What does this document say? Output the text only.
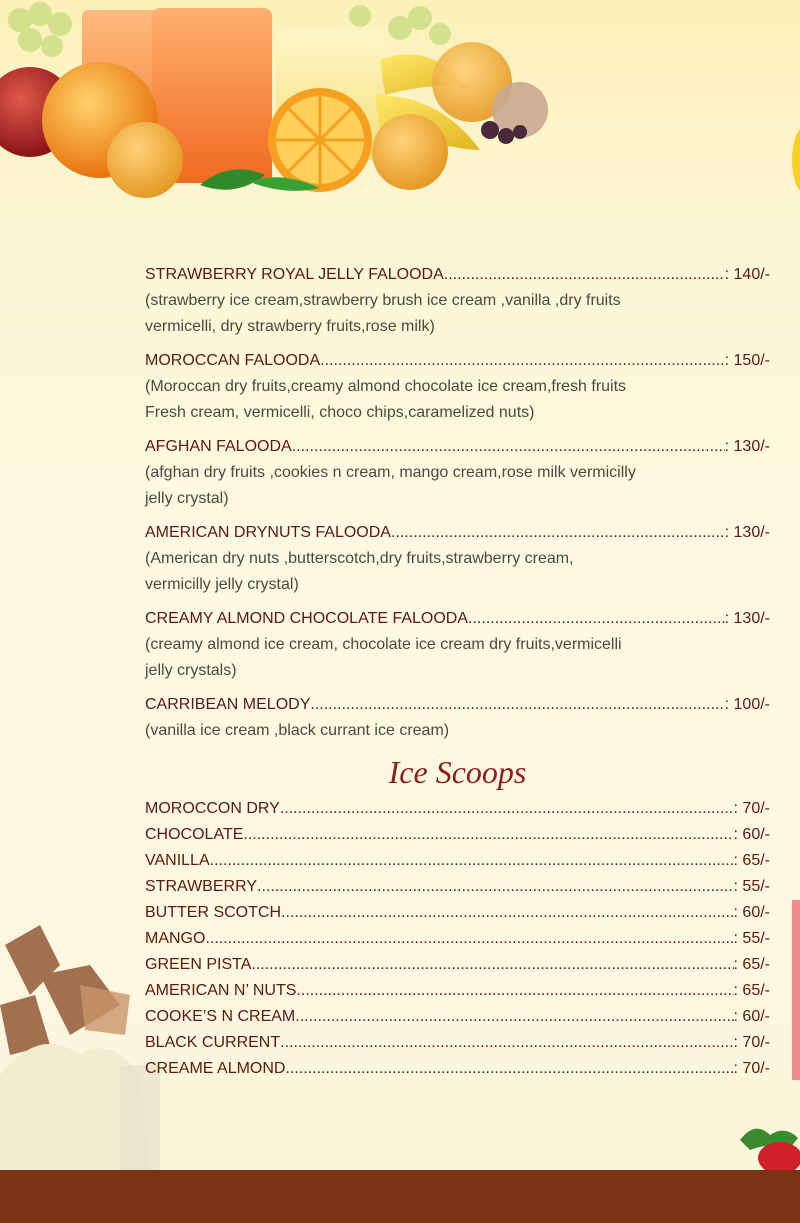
STRAWBERRY ROYAL JELLY FALOODA .....	: 140/-
(strawberry ice cream,strawberry brush ice cream ,vanilla ,dry fruits
vermicelli, dry strawberry fruits,rose milk)
MOROCCAN FALOODA .....	: 150/-
(Moroccan dry fruits,creamy almond chocolate ice cream,fresh fruits
Fresh cream, vermicelli, choco chips,caramelized nuts)
AFGHAN FALOODA .....	: 130/-
(afghan dry fruits ,cookies n cream, mango cream,rose milk vermicilly
jelly crystal)
AMERICAN DRYNUTS FALOODA .....	: 130/-
(American dry nuts ,butterscotch,dry fruits,strawberry cream,
vermicilly jelly crystal)
CREAMY ALMOND CHOCOLATE FALOODA .....	: 130/-
(creamy almond ice cream, chocolate ice cream dry fruits,vermicelli
jelly crystals)
CARRIBEAN MELODY .....	: 100/-
(vanilla ice cream ,black currant ice cream)
Ice Scoops
MOROCCON DRY .....	: 70/-
CHOCOLATE .....	: 60/-
VANILLA .....	: 65/-
STRAWBERRY .....	: 55/-
BUTTER SCOTCH .....	: 60/-
MANGO .....	: 55/-
GREEN PISTA .....	: 65/-
AMERICAN N’ NUTS .....	: 65/-
COOKE’S N CREAM .....	: 60/-
BLACK CURRENT .....	: 70/-
CREAME ALMOND .....	: 70/-
